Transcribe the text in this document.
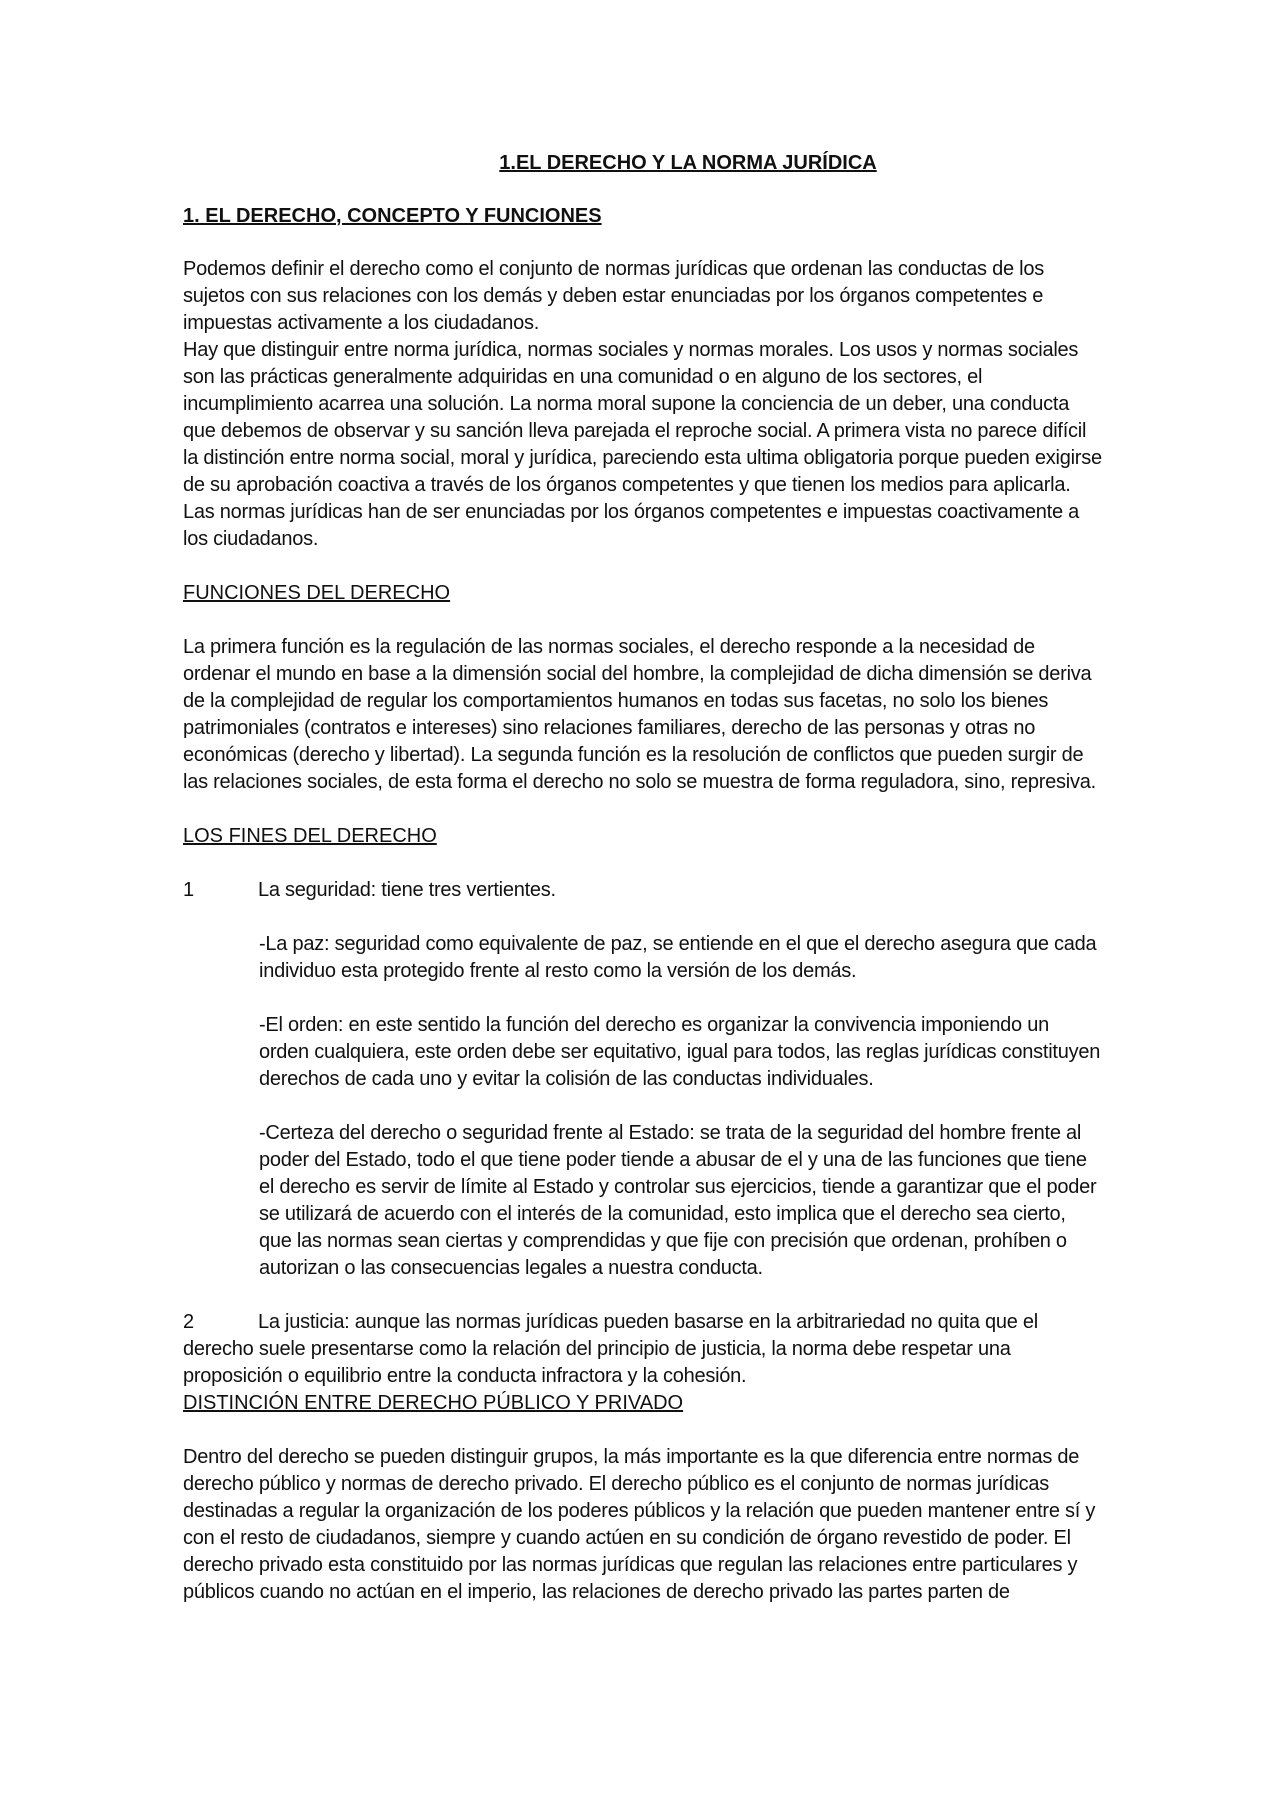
1.EL DERECHO Y LA NORMA JURÍDICA
1. EL DERECHO, CONCEPTO Y FUNCIONES

Podemos definir el derecho como el conjunto de normas jurídicas que ordenan las conductas de los sujetos con sus relaciones con los demás y deben estar enunciadas por los órganos competentes e impuestas activamente a los ciudadanos.

Hay que distinguir entre norma jurídica, normas sociales y normas morales. Los usos y normas sociales son las prácticas generalmente adquiridas en una comunidad o en alguno de los sectores, el incumplimiento acarrea una solución. La norma moral supone la conciencia de un deber, una conducta que debemos de observar y su sanción lleva parejada el reproche social. A primera vista no parece difícil la distinción entre norma social, moral y jurídica, pareciendo esta ultima obligatoria porque pueden exigirse de su aprobación coactiva a través de los órganos competentes y que tienen los medios para aplicarla. Las normas jurídicas han de ser enunciadas por los órganos competentes e impuestas coactivamente a los ciudadanos.

FUNCIONES DEL DERECHO

La primera función es la regulación de las normas sociales, el derecho responde a la necesidad de ordenar el mundo en base a la dimensión social del hombre, la complejidad de dicha dimensión se deriva de la complejidad de regular los comportamientos humanos en todas sus facetas, no solo los bienes patrimoniales (contratos e intereses) sino relaciones familiares, derecho de las personas y otras no económicas (derecho y libertad). La segunda función es la resolución de conflictos que pueden surgir de las relaciones sociales, de esta forma el derecho no solo se muestra de forma reguladora, sino, represiva.

LOS FINES DEL DERECHO
1	La seguridad: tiene tres vertientes.

-La paz: seguridad como equivalente de paz, se entiende en el que el derecho asegura que cada individuo esta protegido frente al resto como la versión de los demás.

-El orden: en este sentido la función del derecho es organizar la convivencia imponiendo un orden cualquiera, este orden debe ser equitativo, igual para todos, las reglas jurídicas constituyen derechos de cada uno y evitar la colisión de las conductas individuales.

-Certeza del derecho o seguridad frente al Estado: se trata de la seguridad del hombre frente al poder del Estado, todo el que tiene poder tiende a abusar de el y una de las funciones que tiene el derecho es servir de límite al Estado y controlar sus ejercicios, tiende a garantizar que el poder se utilizará de acuerdo con el interés de la comunidad, esto implica que el derecho sea cierto, que las normas sean ciertas y comprendidas y que fije con precisión que ordenan, prohíben o autorizan o las consecuencias legales a nuestra conducta.

2	La justicia: aunque las normas jurídicas pueden basarse en la arbitrariedad no quita que el derecho suele presentarse como la relación del principio de justicia, la norma debe respetar una proposición o equilibrio entre la conducta infractora y la cohesión.
DISTINCIÓN ENTRE DERECHO PÚBLICO Y PRIVADO

Dentro del derecho se pueden distinguir grupos, la más importante es la que diferencia entre normas de derecho público y normas de derecho privado. El derecho público es el conjunto de normas jurídicas destinadas a regular la organización de los poderes públicos y la relación que pueden mantener entre sí y con el resto de ciudadanos, siempre y cuando actúen en su condición de órgano revestido de poder. El derecho privado esta constituido por las normas jurídicas que regulan las relaciones entre particulares y públicos cuando no actúan en el imperio, las relaciones de derecho privado las partes parten de
